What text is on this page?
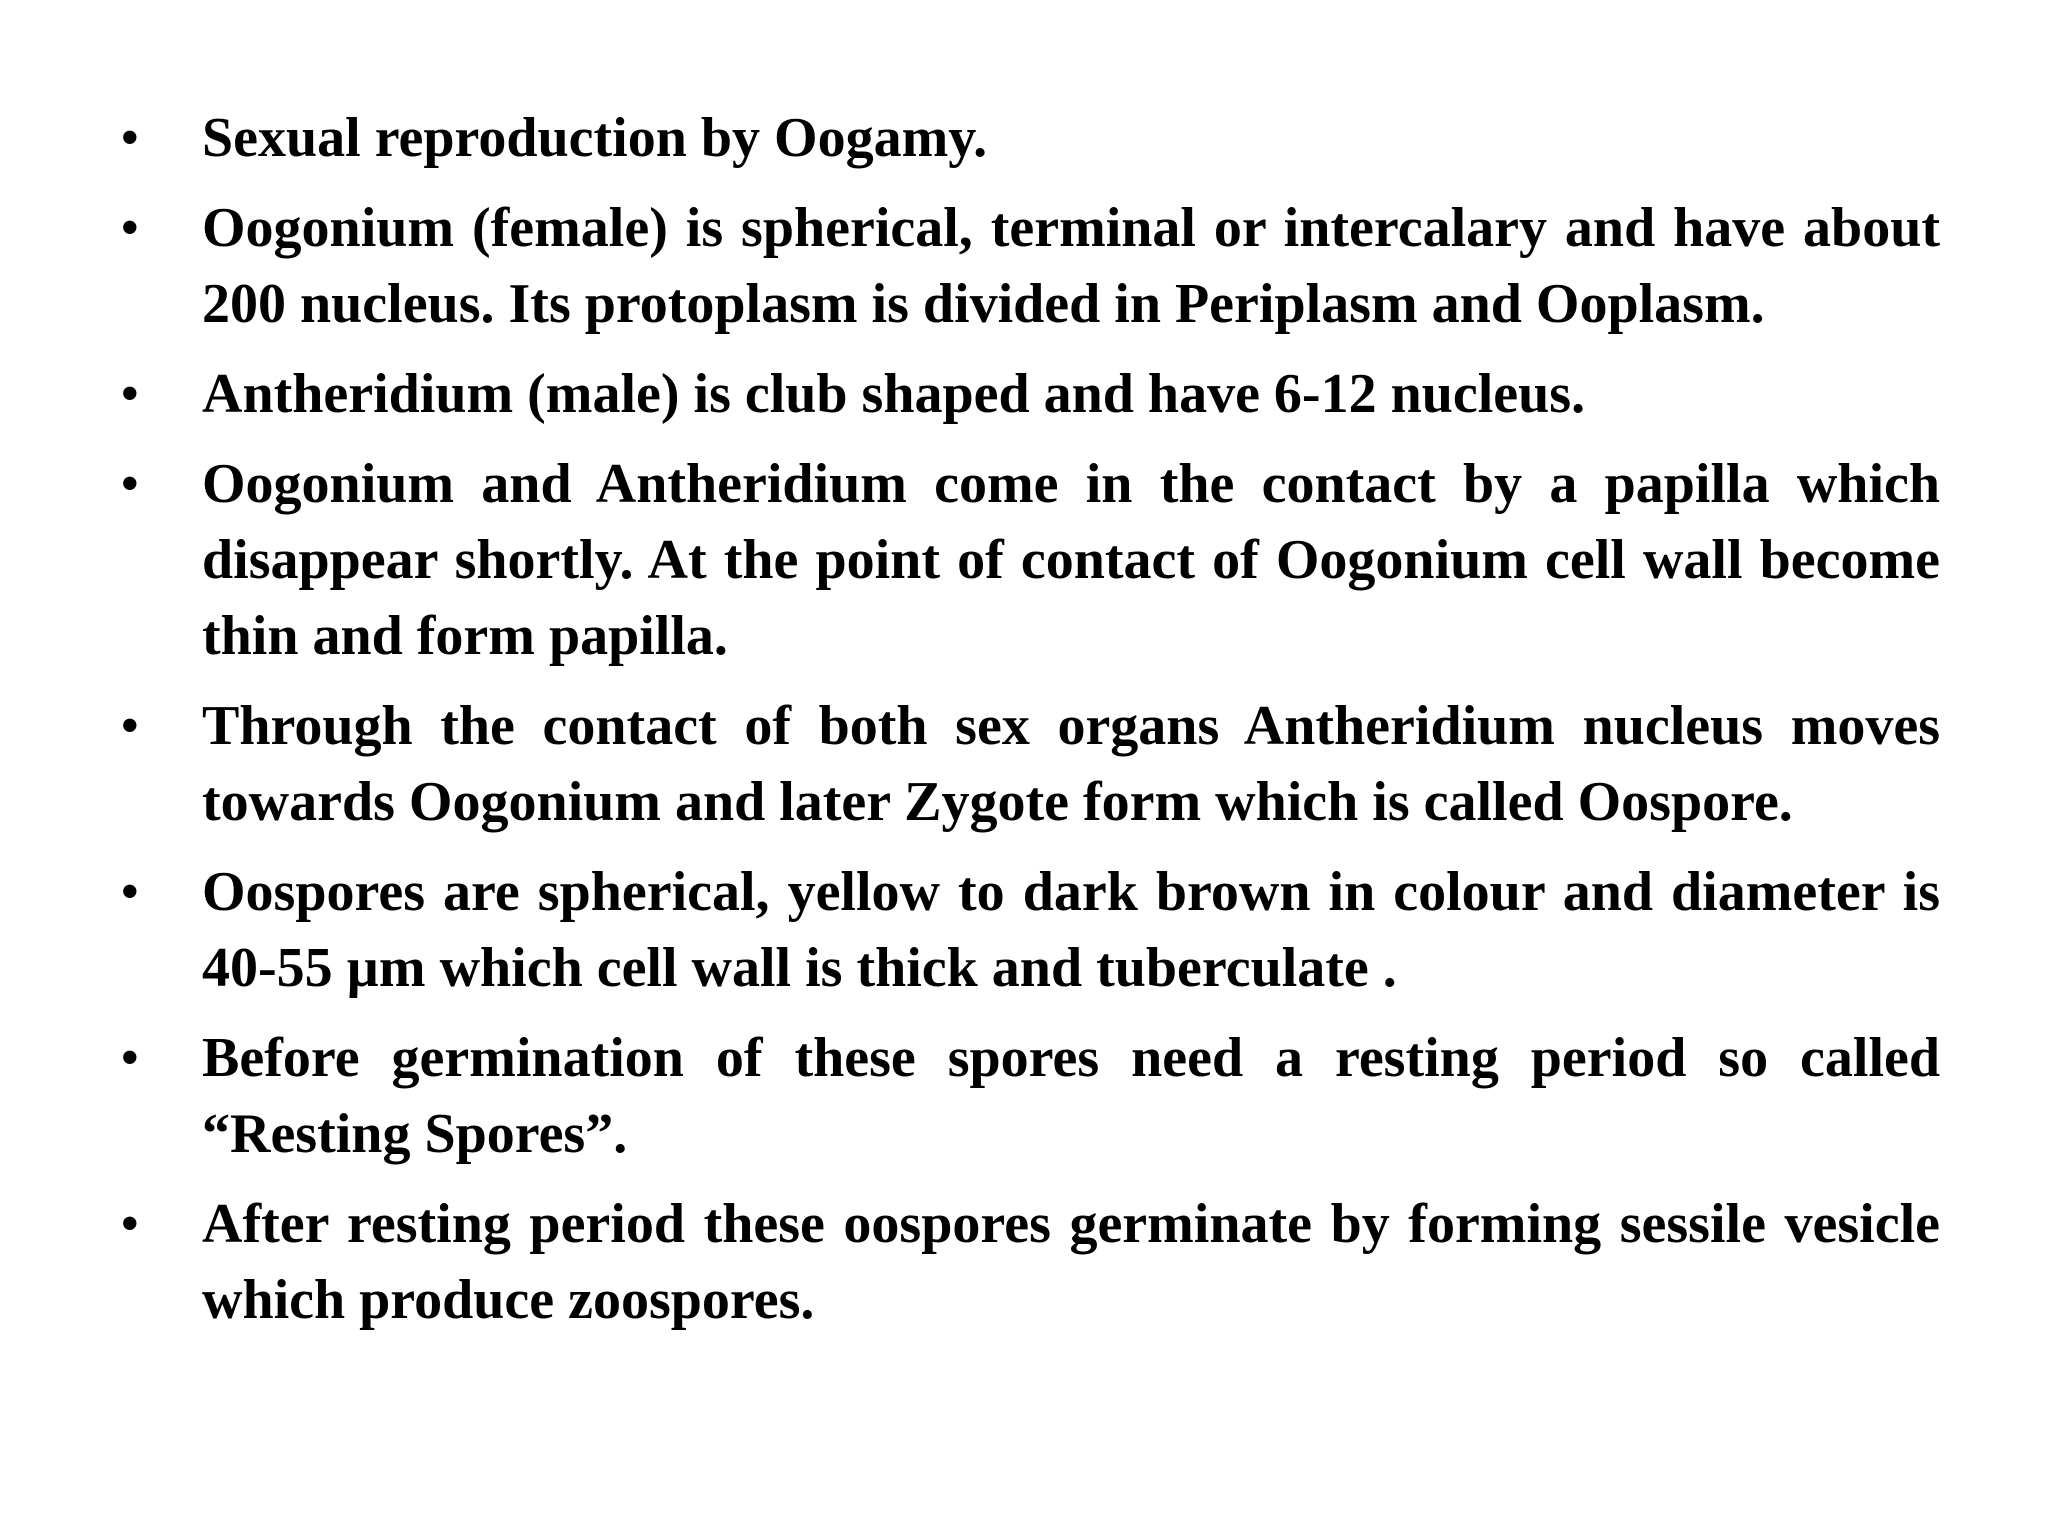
•	Sexual reproduction by Oogamy.
•	Oogonium (female) is spherical, terminal or intercalary and have about 200 nucleus. Its protoplasm is divided in Periplasm and Ooplasm.
•	Antheridium (male) is club shaped and have 6-12 nucleus.
•	Oogonium and Antheridium come in the contact by a papilla which disappear shortly. At the point of contact of Oogonium cell wall become thin and form papilla.
•	Through the contact of both sex organs Antheridium nucleus moves towards Oogonium and later Zygote form which is called Oospore.
•	Oospores are spherical, yellow to dark brown in colour and diameter is 40-55 µm which cell wall is thick and tuberculate .
•	Before germination of these spores need a resting period so called “Resting Spores”.
•	After resting period these oospores germinate by forming sessile vesicle which produce zoospores.
